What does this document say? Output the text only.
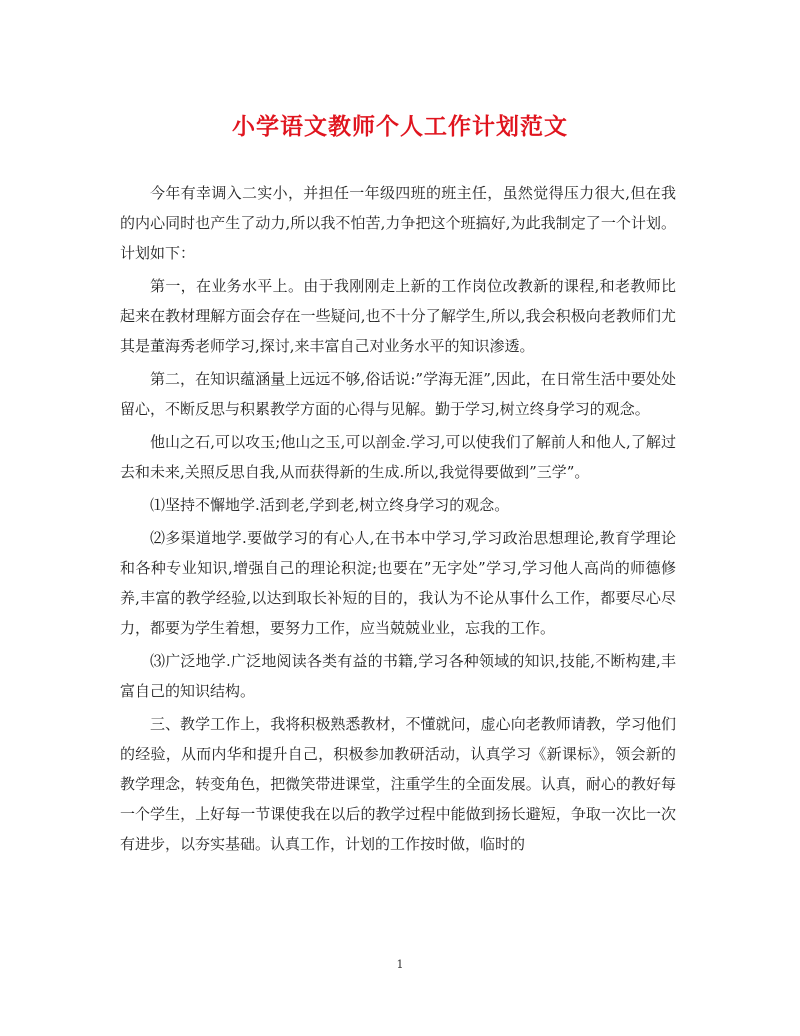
小学语文教师个人工作计划范文

今年有幸调入二实小，并担任一年级四班的班主任，虽然觉得压力很大,但在我的内心同时也产生了动力,所以我不怕苦,力争把这个班搞好,为此我制定了一个计划。计划如下：

第一，在业务水平上。由于我刚刚走上新的工作岗位改教新的课程,和老教师比起来在教材理解方面会存在一些疑问,也不十分了解学生,所以,我会积极向老教师们尤其是董海秀老师学习,探讨,来丰富自己对业务水平的知识渗透。

第二，在知识蕴涵量上远远不够,俗话说:”学海无涯”,因此，在日常生活中要处处留心，不断反思与积累教学方面的心得与见解。勤于学习,树立终身学习的观念。

他山之石,可以攻玉;他山之玉,可以剖金.学习,可以使我们了解前人和他人,了解过去和未来,关照反思自我,从而获得新的生成.所以,我觉得要做到”三学”。

⑴坚持不懈地学.活到老,学到老,树立终身学习的观念。

⑵多渠道地学.要做学习的有心人,在书本中学习,学习政治思想理论,教育学理论和各种专业知识,增强自己的理论积淀;也要在”无字处”学习,学习他人高尚的师德修养,丰富的教学经验,以达到取长补短的目的，我认为不论从事什么工作，都要尽心尽力，都要为学生着想，要努力工作，应当兢兢业业，忘我的工作。

⑶广泛地学.广泛地阅读各类有益的书籍,学习各种领域的知识,技能,不断构建,丰富自己的知识结构。

三、教学工作上，我将积极熟悉教材，不懂就问，虚心向老教师请教，学习他们的经验，从而内华和提升自己，积极参加教研活动，认真学习《新课标》，领会新的教学理念，转变角色，把微笑带进课堂，注重学生的全面发展。认真，耐心的教好每一个学生，上好每一节课使我在以后的教学过程中能做到扬长避短，争取一次比一次有进步，以夯实基础。认真工作，计划的工作按时做，临时的

1
